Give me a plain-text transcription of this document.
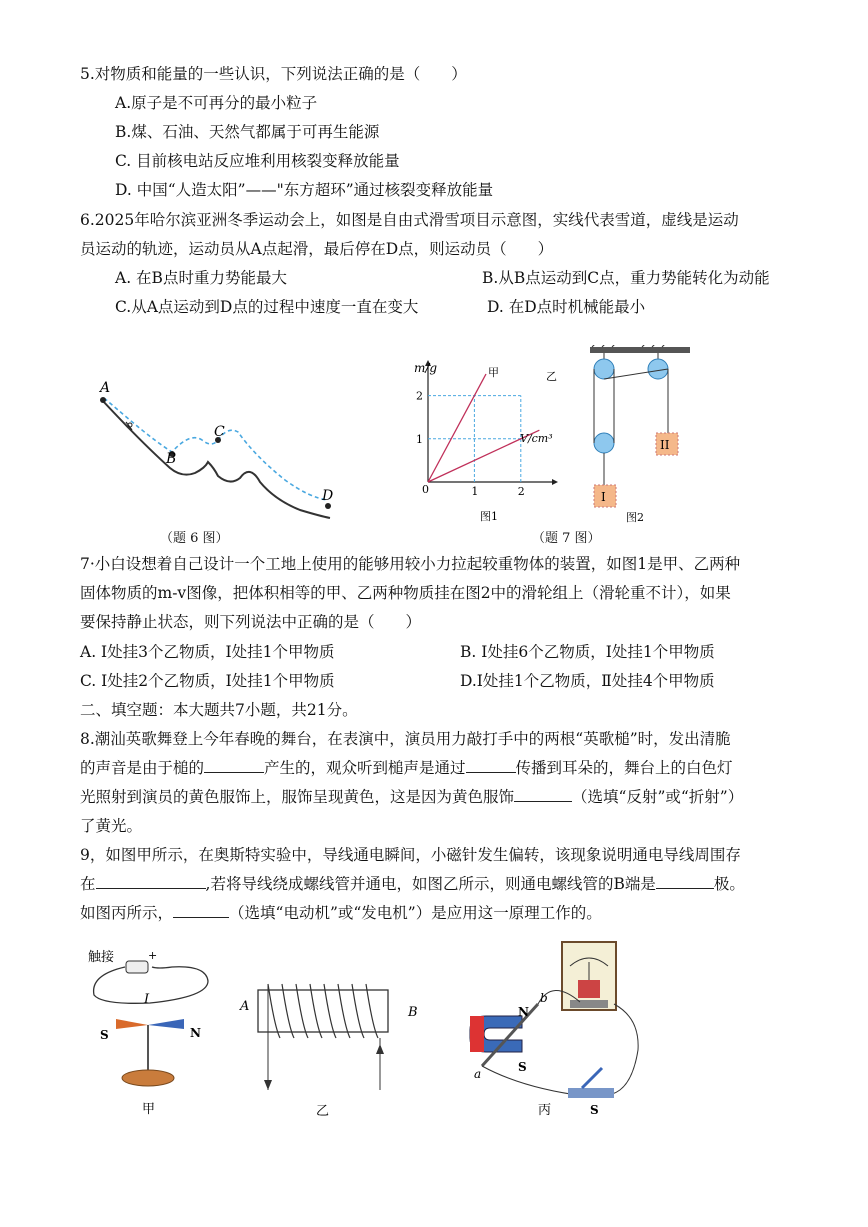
5.对物质和能量的一些认识，下列说法正确的是（　　）
A.原子是不可再分的最小粒子
B.煤、石油、天然气都属于可再生能源
C. 目前核电站反应堆利用核裂变释放能量
D. 中国“人造太阳”——"东方超环”通过核裂变释放能量
6.2025年哈尔滨亚洲冬季运动会上，如图是自由式滑雪项目示意图，实线代表雪道，虚线是运动
员运动的轨迹，运动员从A点起滑，最后停在D点，则运动员（　　）
A. 在B点时重力势能最大	B.从B点运动到C点，重力势能转化为动能
C.从A点运动到D点的过程中速度一直在变大	D. 在D点时机械能最小
A
B
C
D
（题 6 图）
1	2
1
2
m/g
V/cm³
0
乙
甲
图1
I
II
图2
（题 7 图）
7·小白设想着自己设计一个工地上使用的能够用较小力拉起较重物体的装置，如图1是甲、乙两种
固体物质的m-v图像，把体积相等的甲、乙两种物质挂在图2中的滑轮组上（滑轮重不计），如果
要保持静止状态，则下列说法中正确的是（　　）
A. I处挂3个乙物质，I处挂1个甲物质	B. I处挂6个乙物质，I处挂1个甲物质
C. I处挂2个乙物质，I处挂1个甲物质	D.I处挂1个乙物质，Ⅱ处挂4个甲物质
二、填空题：本大题共7小题，共21分。
8.潮汕英歌舞登上今年春晚的舞台，在表演中，演员用力敲打手中的两根“英歌槌”时，发出清脆
的声音是由于槌的	产生的，观众听到槌声是通过	传播到耳朵的，舞台上的白色灯
光照射到演员的黄色服饰上，服饰呈现黄色，这是因为黄色服饰	（选填“反射”或“折射”）
了黄光。
9，如图甲所示，在奥斯特实验中，导线通电瞬间，小磁针发生偏转，该现象说明通电导线周围存
在	,若将导线绕成螺线管并通电，如图乙所示，则通电螺线管的B端是	极。
如图丙所示，	（选填“电动机”或“发电机”）是应用这一原理工作的。
触接	+
I
S	N
甲
A	B
乙
N
S
a
b
S
丙
